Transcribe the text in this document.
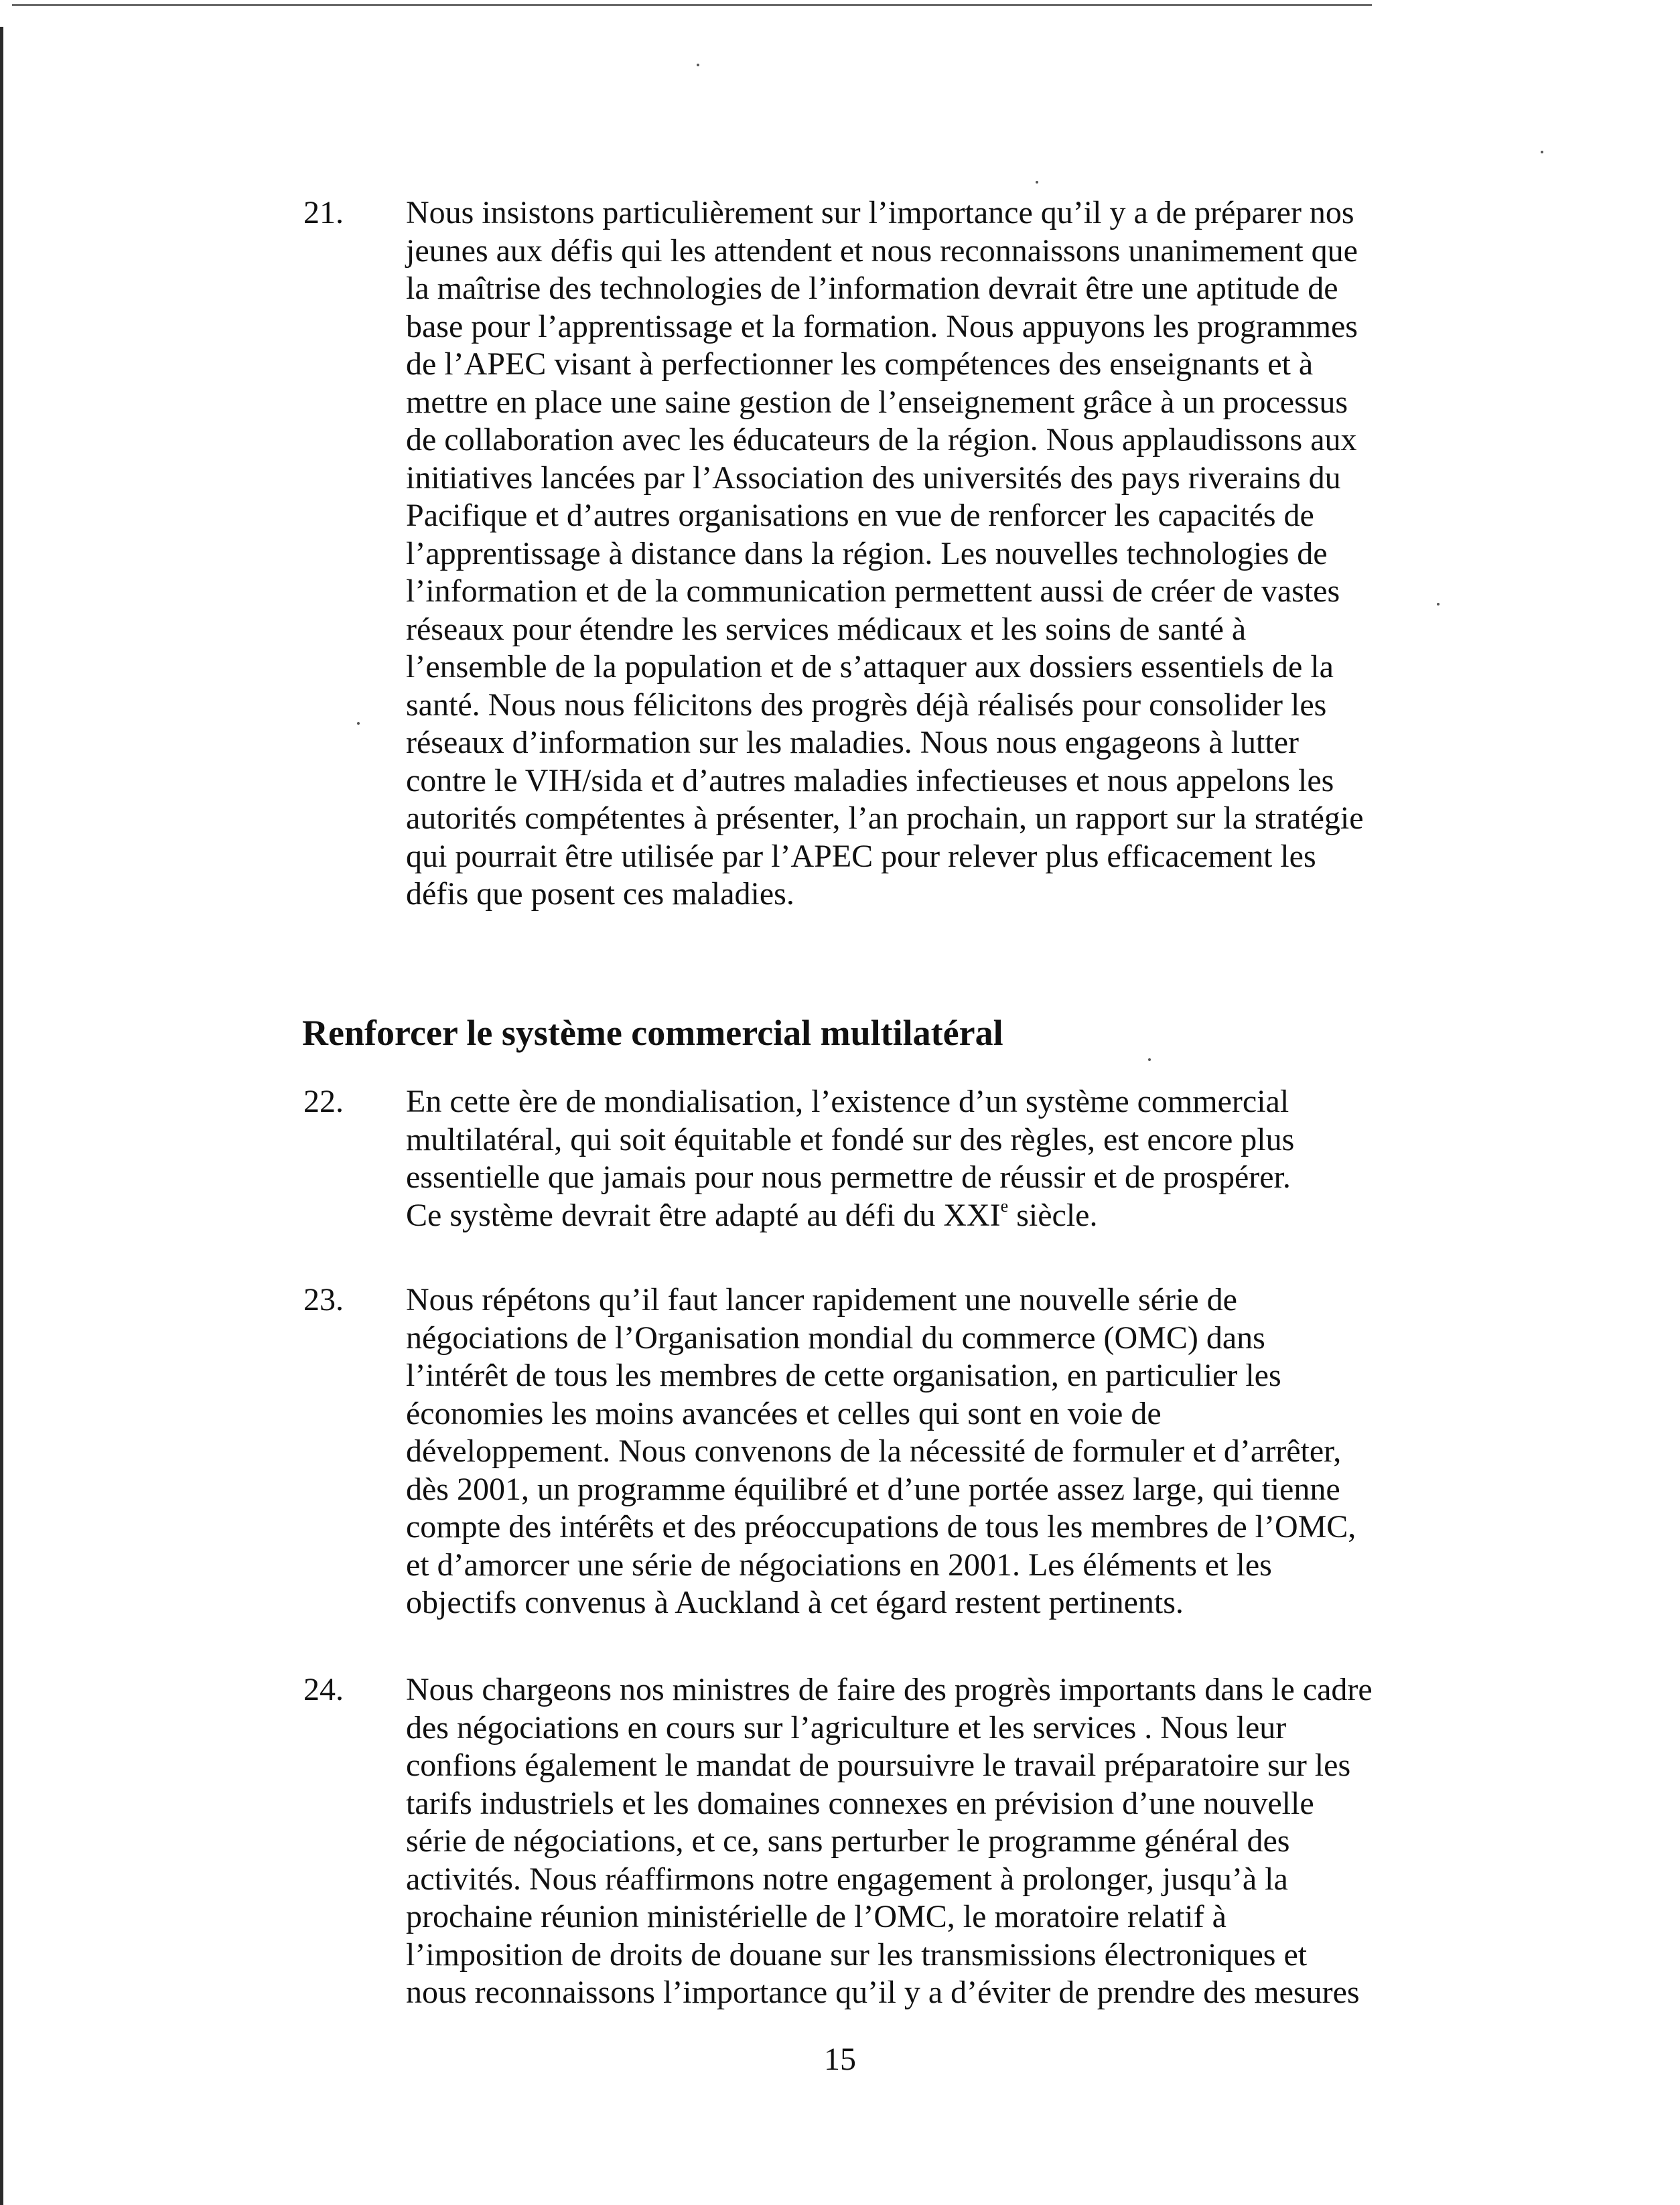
21.	Nous insistons particulièrement sur l’importance qu’il y a de préparer nos
jeunes aux défis qui les attendent et nous reconnaissons unanimement que
la maîtrise des technologies de l’information devrait être une aptitude de
base pour l’apprentissage et la formation. Nous appuyons les programmes
de l’APEC visant à perfectionner les compétences des enseignants et à
mettre en place une saine gestion de l’enseignement grâce à un processus
de collaboration avec les éducateurs de la région. Nous applaudissons aux
initiatives lancées par l’Association des universités des pays riverains du
Pacifique et d’autres organisations en vue de renforcer les capacités de
l’apprentissage à distance dans la région. Les nouvelles technologies de
l’information et de la communication permettent aussi de créer de vastes
réseaux pour étendre les services médicaux et les soins de santé à
l’ensemble de la population et de s’attaquer aux dossiers essentiels de la
santé. Nous nous félicitons des progrès déjà réalisés pour consolider les
réseaux d’information sur les maladies. Nous nous engageons à lutter
contre le VIH/sida et d’autres maladies infectieuses et nous appelons les
autorités compétentes à présenter, l’an prochain, un rapport sur la stratégie
qui pourrait être utilisée par l’APEC pour relever plus efficacement les
défis que posent ces maladies.
Renforcer le système commercial multilatéral
22.	En cette ère de mondialisation, l’existence d’un système commercial
multilatéral, qui soit équitable et fondé sur des règles, est encore plus
essentielle que jamais pour nous permettre de réussir et de prospérer.
Ce système devrait être adapté au défi du XXIe siècle.
23.	Nous répétons qu’il faut lancer rapidement une nouvelle série de
négociations de l’Organisation mondial du commerce (OMC) dans
l’intérêt de tous les membres de cette organisation, en particulier les
économies les moins avancées et celles qui sont en voie de
développement. Nous convenons de la nécessité de formuler et d’arrêter,
dès 2001, un programme équilibré et d’une portée assez large, qui tienne
compte des intérêts et des préoccupations de tous les membres de l’OMC,
et d’amorcer une série de négociations en 2001. Les éléments et les
objectifs convenus à Auckland à cet égard restent pertinents.
24.	Nous chargeons nos ministres de faire des progrès importants dans le cadre
des négociations en cours sur l’agriculture et les services . Nous leur
confions également le mandat de poursuivre le travail préparatoire sur les
tarifs industriels et les domaines connexes en prévision d’une nouvelle
série de négociations, et ce, sans perturber le programme général des
activités. Nous réaffirmons notre engagement à prolonger, jusqu’à la
prochaine réunion ministérielle de l’OMC, le moratoire relatif à
l’imposition de droits de douane sur les transmissions électroniques et
nous reconnaissons l’importance qu’il y a d’éviter de prendre des mesures
15
